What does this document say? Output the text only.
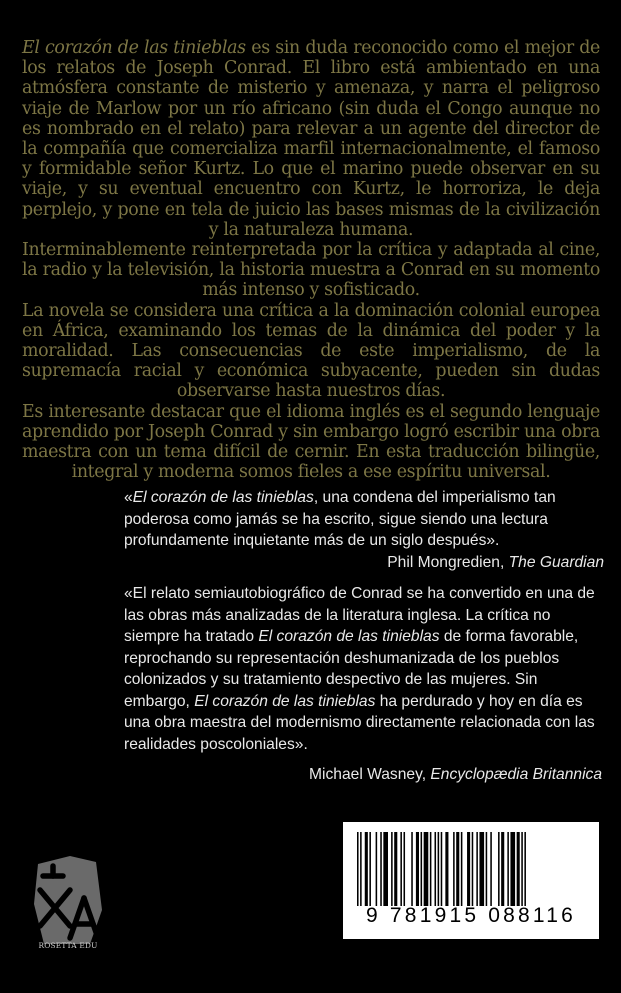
El corazón de las tinieblas es sin duda reconocido como el mejor de los relatos de Joseph Conrad. El libro está ambientado en una atmósfera constante de misterio y amenaza, y narra el peligroso viaje de Marlow por un río africano (sin duda el Congo aunque no es nombrado en el relato) para relevar a un agente del director de la compañía que comercializa marfil internacionalmente, el famoso y formidable señor Kurtz. Lo que el marino puede observar en su viaje, y su eventual encuentro con Kurtz, le horroriza, le deja perplejo, y pone en tela de juicio las bases mismas de la civilización y la naturaleza humana.

Interminablemente reinterpretada por la crítica y adaptada al cine, la radio y la televisión, la historia muestra a Conrad en su momento más intenso y sofisticado.

La novela se considera una crítica a la dominación colonial europea en África, examinando los temas de la dinámica del poder y la moralidad. Las consecuencias de este imperialismo, de la supremacía racial y económica subyacente, pueden sin dudas observarse hasta nuestros días.

Es interesante destacar que el idioma inglés es el segundo lenguaje aprendido por Joseph Conrad y sin embargo logró escribir una obra maestra con un tema difícil de cernir. En esta traducción bilingüe, integral y moderna somos fieles a ese espíritu universal.

«El corazón de las tinieblas, una condena del imperialismo tan poderosa como jamás se ha escrito, sigue siendo una lectura profundamente inquietante más de un siglo después».

Phil Mongredien, The Guardian

«El relato semiautobiográfico de Conrad se ha convertido en una de las obras más analizadas de la literatura inglesa. La crítica no siempre ha tratado El corazón de las tinieblas de forma favorable, reprochando su representación deshumanizada de los pueblos colonizados y su tratamiento despectivo de las mujeres. Sin embargo, El corazón de las tinieblas ha perdurado y hoy en día es una obra maestra del modernismo directamente relacionada con las realidades poscoloniales».

Michael Wasney, Encyclopædia Britannica

9 781915 088116
ROSETTA EDU
